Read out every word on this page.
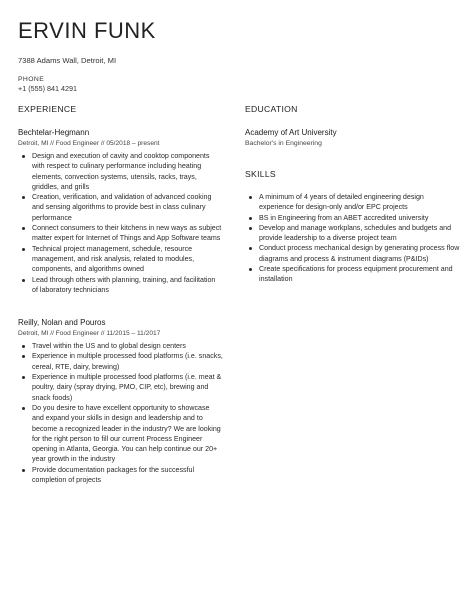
ERVIN FUNK
7388 Adams Wall, Detroit, MI
PHONE
+1 (555) 841 4291
EXPERIENCE
Bechtelar-Hegmann
Detroit, MI // Food Engineer // 05/2018 – present
Design and execution of cavity and cooktop components with respect to culinary performance including heating elements, convection systems, utensils, racks, trays, griddles, and grills
Creation, verification, and validation of advanced cooking and sensing algorithms to provide best in class culinary performance
Connect consumers to their kitchens in new ways as subject matter expert for Internet of Things and App Software teams
Technical project management, schedule, resource management, and risk analysis, related to modules, components, and algorithms owned
Lead through others with planning, training, and facilitation of laboratory technicians
Reilly, Nolan and Pouros
Detroit, MI // Food Engineer // 11/2015 – 11/2017
Travel within the US and to global design centers
Experience in multiple processed food platforms (i.e. snacks, cereal, RTE, dairy, brewing)
Experience in multiple processed food platforms (i.e. meat & poultry, dairy (spray drying, PMO, CIP, etc), brewing and snack foods)
Do you desire to have excellent opportunity to showcase and expand your skills in design and leadership and to become a recognized leader in the industry? We are looking for the right person to fill our current Process Engineer opening in Atlanta, Georgia. You can help continue our 20+ year growth in the industry
Provide documentation packages for the successful completion of projects
EDUCATION
Academy of Art University
Bachelor's in Engineering
SKILLS
A minimum of 4 years of detailed engineering design experience for design-only and/or EPC projects
BS in Engineering from an ABET accredited university
Develop and manage workplans, schedules and budgets and provide leadership to a diverse project team
Conduct process mechanical design by generating process flow diagrams and process & instrument diagrams (P&IDs)
Create specifications for process equipment procurement and installation
